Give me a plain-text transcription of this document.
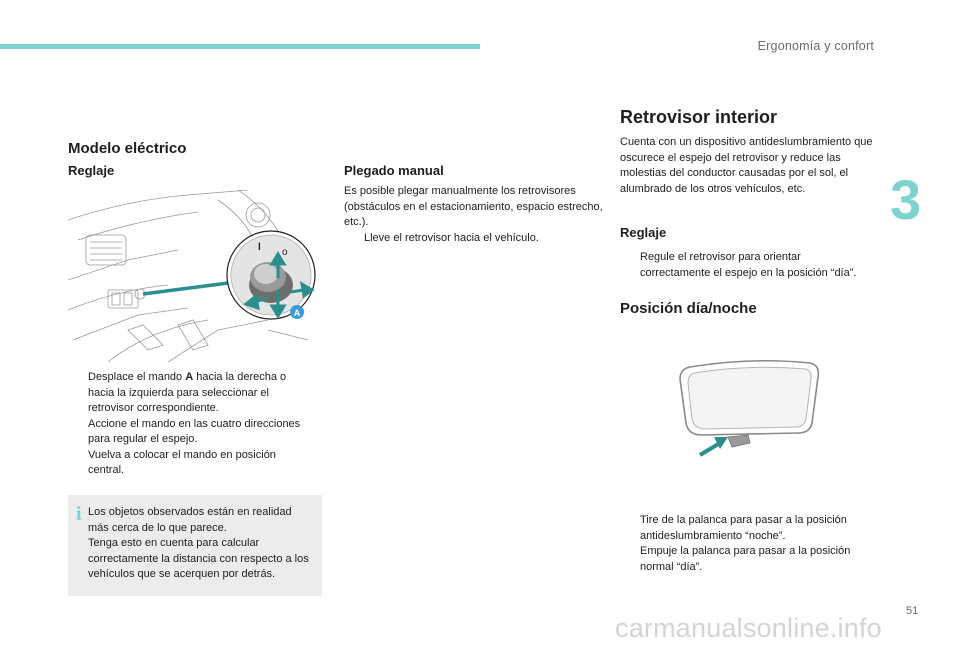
Ergonomía y confort
3
Modelo eléctrico
Reglaje
l o
A
Desplace el mando A hacia la derecha o hacia la izquierda para seleccionar el retrovisor correspondiente.
Accione el mando en las cuatro direcciones para regular el espejo.
Vuelva a colocar el mando en posición central.
i Los objetos observados están en realidad más cerca de lo que parece.
Tenga esto en cuenta para calcular correctamente la distancia con respecto a los vehículos que se acerquen por detrás.
Plegado manual
Es posible plegar manualmente los retrovisores (obstáculos en el estacionamiento, espacio estrecho, etc.).
Lleve el retrovisor hacia el vehículo.
Retrovisor interior
Cuenta con un dispositivo antideslumbramiento que oscurece el espejo del retrovisor y reduce las molestias del conductor causadas por el sol, el alumbrado de los otros vehículos, etc.
Reglaje
Regule el retrovisor para orientar correctamente el espejo en la posición “día”.
Posición día/noche
Tire de la palanca para pasar a la posición antideslumbramiento “noche”.
Empuje la palanca para pasar a la posición normal “día”.
51
carmanualsonline.info
